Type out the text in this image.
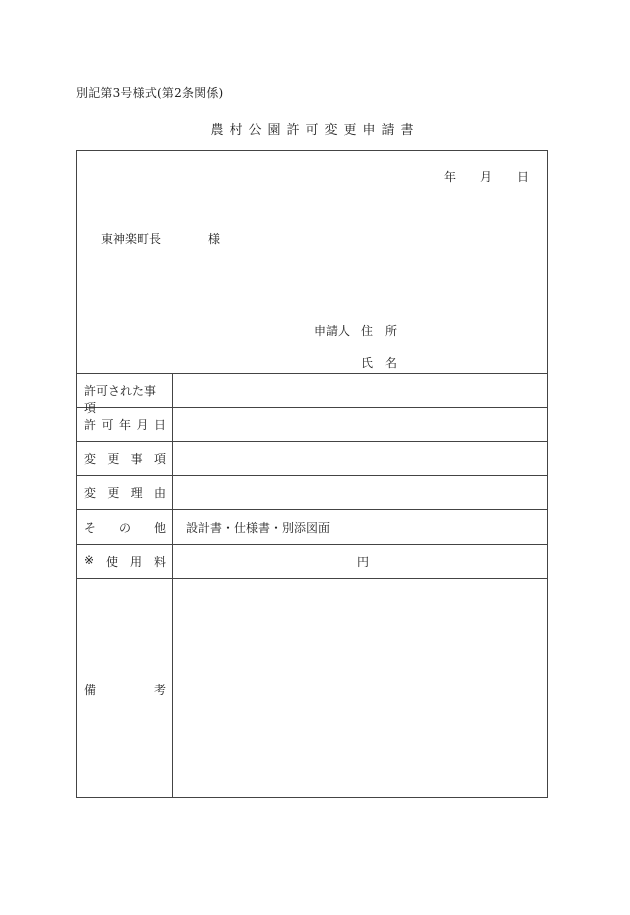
別記第3号様式(第2条関係)
農村公園許可変更申請書
年 月 日
東神楽町長	様
申請人 住　所
氏　名
許可された事項
許 可 年 月 日
変 更 事 項
変 更 理 由
そ の 他
※ 使 用 料
備	考
設計書・仕様書・別添図面
円
